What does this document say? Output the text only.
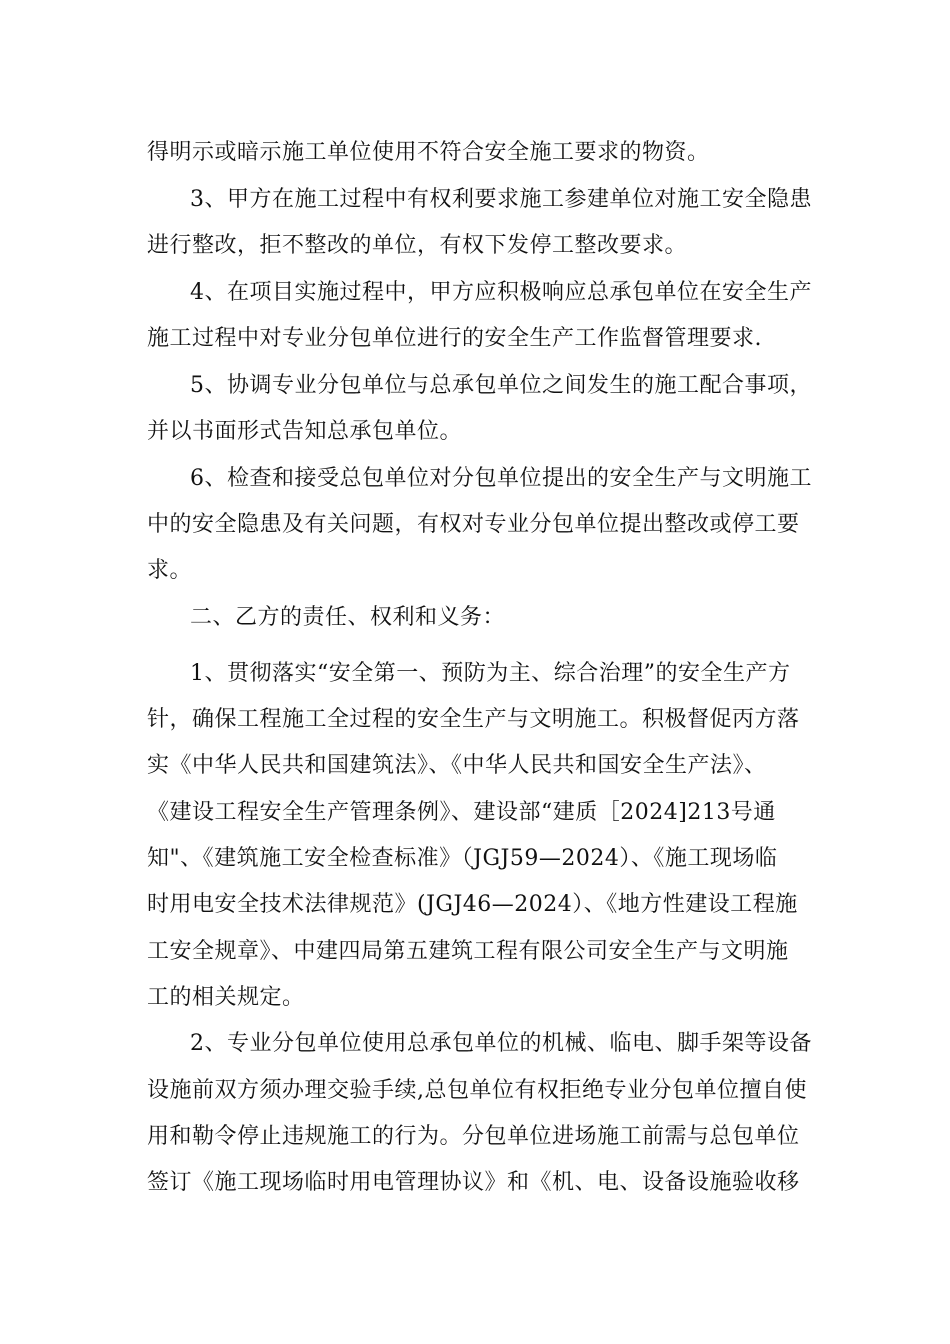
得明示或暗示施工单位使用不符合安全施工要求的物资。
3、甲方在施工过程中有权利要求施工参建单位对施工安全隐患
进行整改，拒不整改的单位，有权下发停工整改要求。
4、在项目实施过程中，甲方应积极响应总承包单位在安全生产
施工过程中对专业分包单位进行的安全生产工作监督管理要求.
5、协调专业分包单位与总承包单位之间发生的施工配合事项，
并以书面形式告知总承包单位。
6、检查和接受总包单位对分包单位提出的安全生产与文明施工
中的安全隐患及有关问题，有权对专业分包单位提出整改或停工要
求。
二、乙方的责任、权利和义务：
1、贯彻落实“安全第一、预防为主、综合治理”的安全生产方
针，确保工程施工全过程的安全生产与文明施工。积极督促丙方落
实《中华人民共和国建筑法》、《中华人民共和国安全生产法》、
《建设工程安全生产管理条例》、建设部“建质［2024]213号通
知"、《建筑施工安全检查标准》（JGJ59—2024）、《施工现场临
时用电安全技术法律规范》(JGJ46—2024）、《地方性建设工程施
工安全规章》、中建四局第五建筑工程有限公司安全生产与文明施
工的相关规定。
2、专业分包单位使用总承包单位的机械、临电、脚手架等设备
设施前双方须办理交验手续,总包单位有权拒绝专业分包单位擅自使
用和勒令停止违规施工的行为。分包单位进场施工前需与总包单位
签订《施工现场临时用电管理协议》和《机、电、设备设施验收移
